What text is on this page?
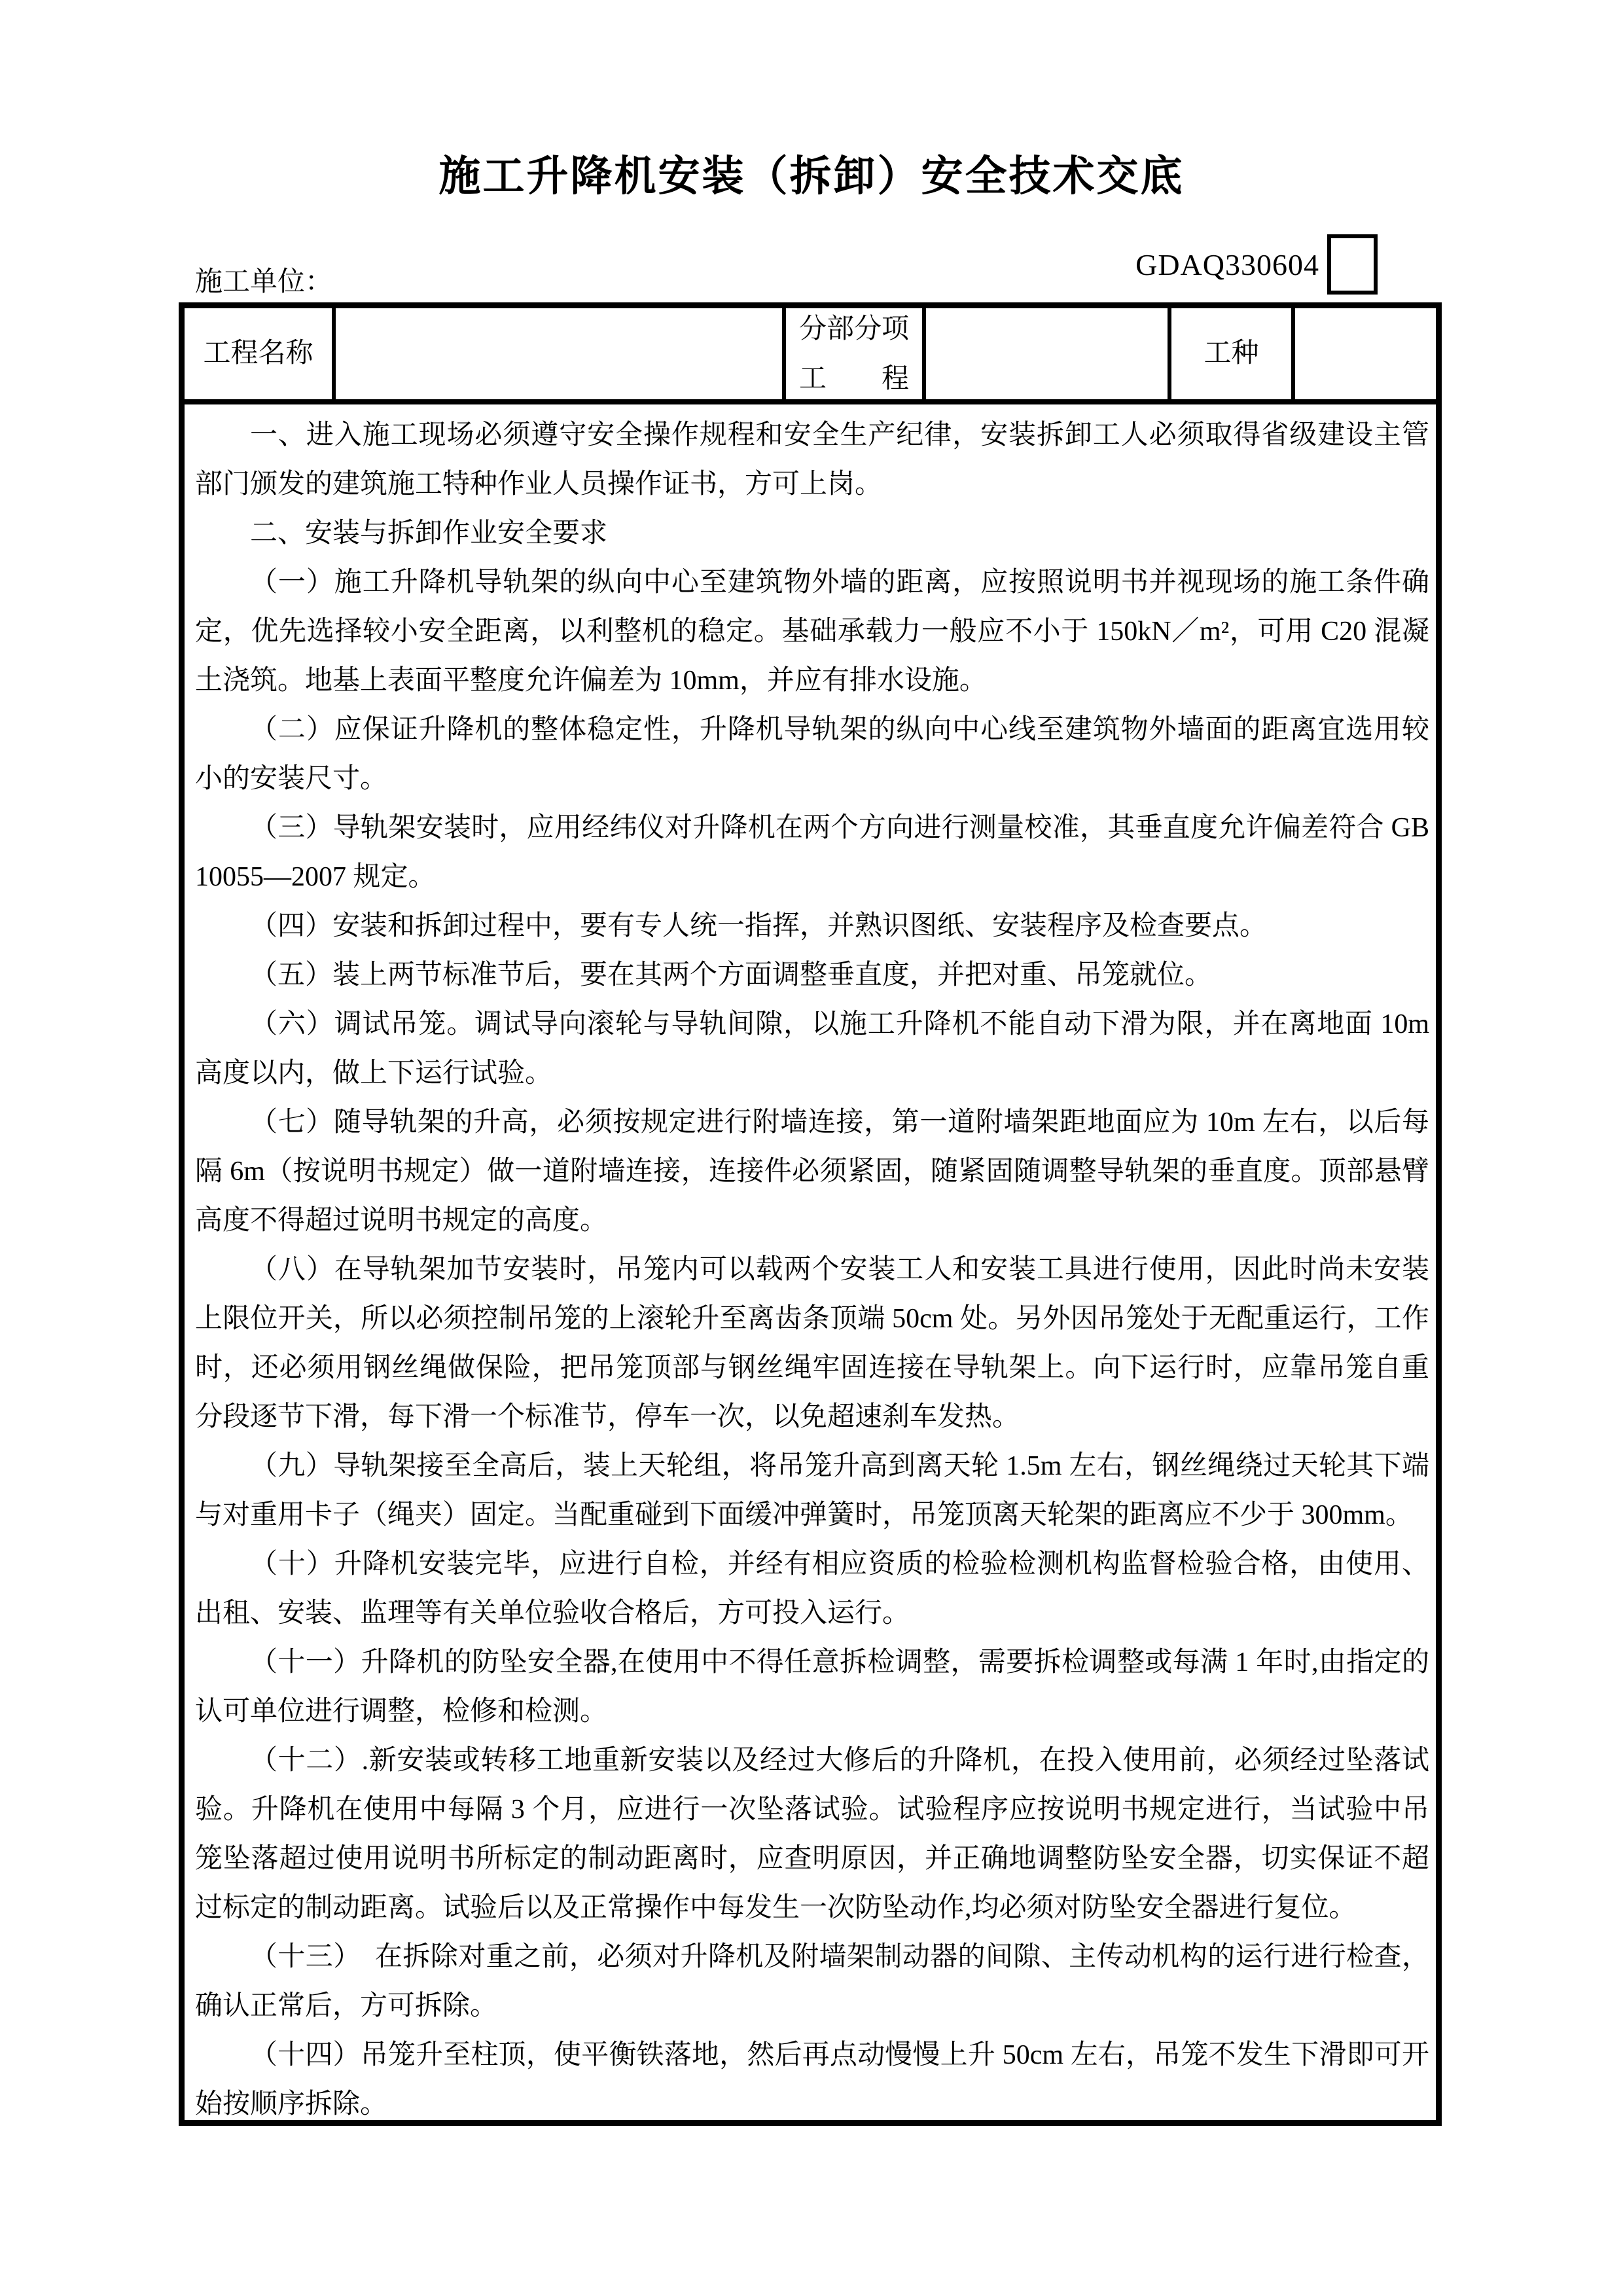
施工升降机安装（拆卸）安全技术交底
GDAQ330604
施工单位：
工程名称
分部分项
工　　程
工种

一、进入施工现场必须遵守安全操作规程和安全生产纪律，安装拆卸工人必须取得省级建设主管部门颁发的建筑施工特种作业人员操作证书，方可上岗。

二、安装与拆卸作业安全要求

（一）施工升降机导轨架的纵向中心至建筑物外墙的距离，应按照说明书并视现场的施工条件确定，优先选择较小安全距离，以利整机的稳定。基础承载力一般应不小于 150kN／m²，可用 C20 混凝土浇筑。地基上表面平整度允许偏差为 10mm，并应有排水设施。

（二）应保证升降机的整体稳定性，升降机导轨架的纵向中心线至建筑物外墙面的距离宜选用较小的安装尺寸。

（三）导轨架安装时，应用经纬仪对升降机在两个方向进行测量校准，其垂直度允许偏差符合 GB 10055—2007 规定。

（四）安装和拆卸过程中，要有专人统一指挥，并熟识图纸、安装程序及检查要点。

（五）装上两节标准节后，要在其两个方面调整垂直度，并把对重、吊笼就位。

（六）调试吊笼。调试导向滚轮与导轨间隙，以施工升降机不能自动下滑为限，并在离地面 10m 高度以内，做上下运行试验。

（七）随导轨架的升高，必须按规定进行附墙连接，第一道附墙架距地面应为 10m 左右，以后每隔 6m（按说明书规定）做一道附墙连接，连接件必须紧固，随紧固随调整导轨架的垂直度。顶部悬臂高度不得超过说明书规定的高度。

（八）在导轨架加节安装时，吊笼内可以载两个安装工人和安装工具进行使用，因此时尚未安装上限位开关，所以必须控制吊笼的上滚轮升至离齿条顶端 50cm 处。另外因吊笼处于无配重运行，工作时，还必须用钢丝绳做保险，把吊笼顶部与钢丝绳牢固连接在导轨架上。向下运行时，应靠吊笼自重分段逐节下滑，每下滑一个标准节，停车一次，以免超速刹车发热。

（九）导轨架接至全高后，装上天轮组，将吊笼升高到离天轮 1.5m 左右，钢丝绳绕过天轮其下端与对重用卡子（绳夹）固定。当配重碰到下面缓冲弹簧时，吊笼顶离天轮架的距离应不少于 300mm。

（十）升降机安装完毕，应进行自检，并经有相应资质的检验检测机构监督检验合格，由使用、出租、安装、监理等有关单位验收合格后，方可投入运行。

（十一）升降机的防坠安全器,在使用中不得任意拆检调整，需要拆检调整或每满 1 年时,由指定的认可单位进行调整，检修和检测。

（十二）.新安装或转移工地重新安装以及经过大修后的升降机，在投入使用前，必须经过坠落试验。升降机在使用中每隔 3 个月，应进行一次坠落试验。试验程序应按说明书规定进行，当试验中吊笼坠落超过使用说明书所标定的制动距离时，应查明原因，并正确地调整防坠安全器，切实保证不超过标定的制动距离。试验后以及正常操作中每发生一次防坠动作,均必须对防坠安全器进行复位。

（十三）　在拆除对重之前，必须对升降机及附墙架制动器的间隙、主传动机构的运行进行检查，确认正常后，方可拆除。

（十四）吊笼升至柱顶，使平衡铁落地，然后再点动慢慢上升 50cm 左右，吊笼不发生下滑即可开始按顺序拆除。
